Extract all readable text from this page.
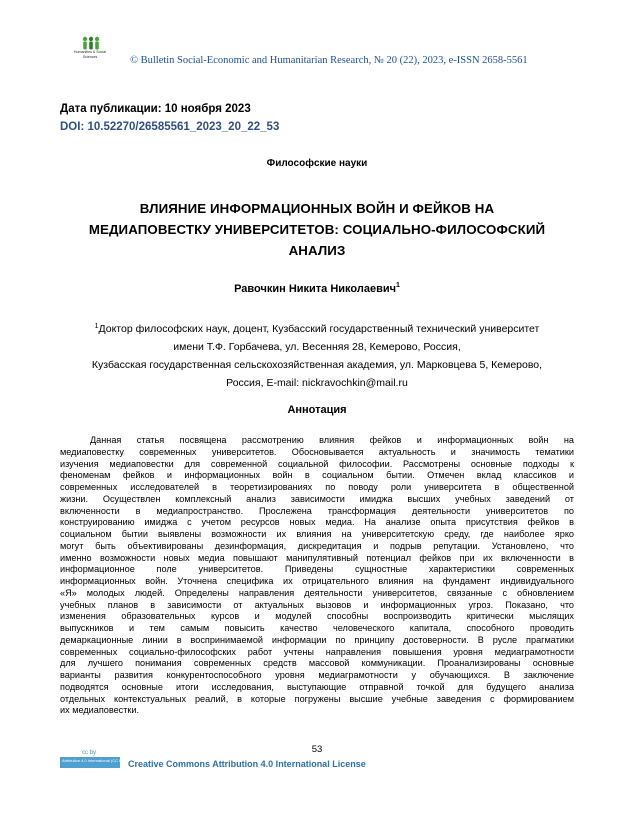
Humanities & Social
Sciences	© Bulletin Social-Economic and Humanitarian Research, № 20 (22), 2023, e-ISSN 2658-5561
Дата публикации: 10 ноября 2023
DOI: 10.52270/26585561_2023_20_22_53
Философские науки
ВЛИЯНИЕ ИНФОРМАЦИОННЫХ ВОЙН И ФЕЙКОВ НА
МЕДИАПОВЕСТКУ УНИВЕРСИТЕТОВ: СОЦИАЛЬНО-ФИЛОСОФСКИЙ
АНАЛИЗ
Равочкин Никита Николаевич$^1$
$^1$Доктор философских наук, доцент, Кузбасский государственный технический университет
имени Т.Ф. Горбачева, ул. Весенняя 28, Кемерово, Россия,
Кузбасская государственная сельскохозяйственная академия, ул. Марковцева 5, Кемерово,
Россия, E-mail: nickravochkin@mail.ru
Аннотация
Данная статья посвящена рассмотрению влияния фейков и информационных войн на
медиаповестку современных университетов. Обосновывается актуальность и значимость тематики
изучения медиаповестки для современной социальной философии. Рассмотрены основные подходы к
феноменам фейков и информационных войн в социальном бытии. Отмечен вклад классиков и
современных исследователей в теоретизированиях по поводу роли университета в общественной
жизни. Осуществлен комплексный анализ зависимости имиджа высших учебных заведений от
включенности в медиапространство. Прослежена трансформация деятельности университетов по
конструированию имиджа с учетом ресурсов новых медиа. На анализе опыта присутствия фейков в
социальном бытии выявлены возможности их влияния на университетскую среду, где наиболее ярко
могут быть объективированы дезинформация, дискредитация и подрыв репутации. Установлено, что
именно возможности новых медиа повышают манипулятивный потенциал фейков при их включенности в
информационное поле университетов. Приведены сущностные характеристики современных
информационных войн. Уточнена специфика их отрицательного влияния на фундамент индивидуального
«Я» молодых людей. Определены направления деятельности университетов, связанные с обновлением
учебных планов в зависимости от актуальных вызовов и информационных угроз. Показано, что
изменения образовательных курсов и модулей способны воспроизводить критически мыслящих
выпускников и тем самым повысить качество человеческого капитала, способного проводить
демаркационные линии в воспринимаемой информации по принципу достоверности. В русле прагматики
современных социально-философских работ учтены направления повышения уровня медиаграмотности
для лучшего понимания современных средств массовой коммуникации. Проанализированы основные
варианты развития конкурентоспособного уровня медиаграмотности у обучающихся. В заключение
подводятся основные итоги исследования, выступающие отправной точкой для будущего анализа
отдельных контекстуальных реалий, в которые погружены высшие учебные заведения с формированием
их медиаповестки.
53
cc by
Attribution 4.0 International (CC BY 4.0)
Creative Commons Attribution 4.0 International License
